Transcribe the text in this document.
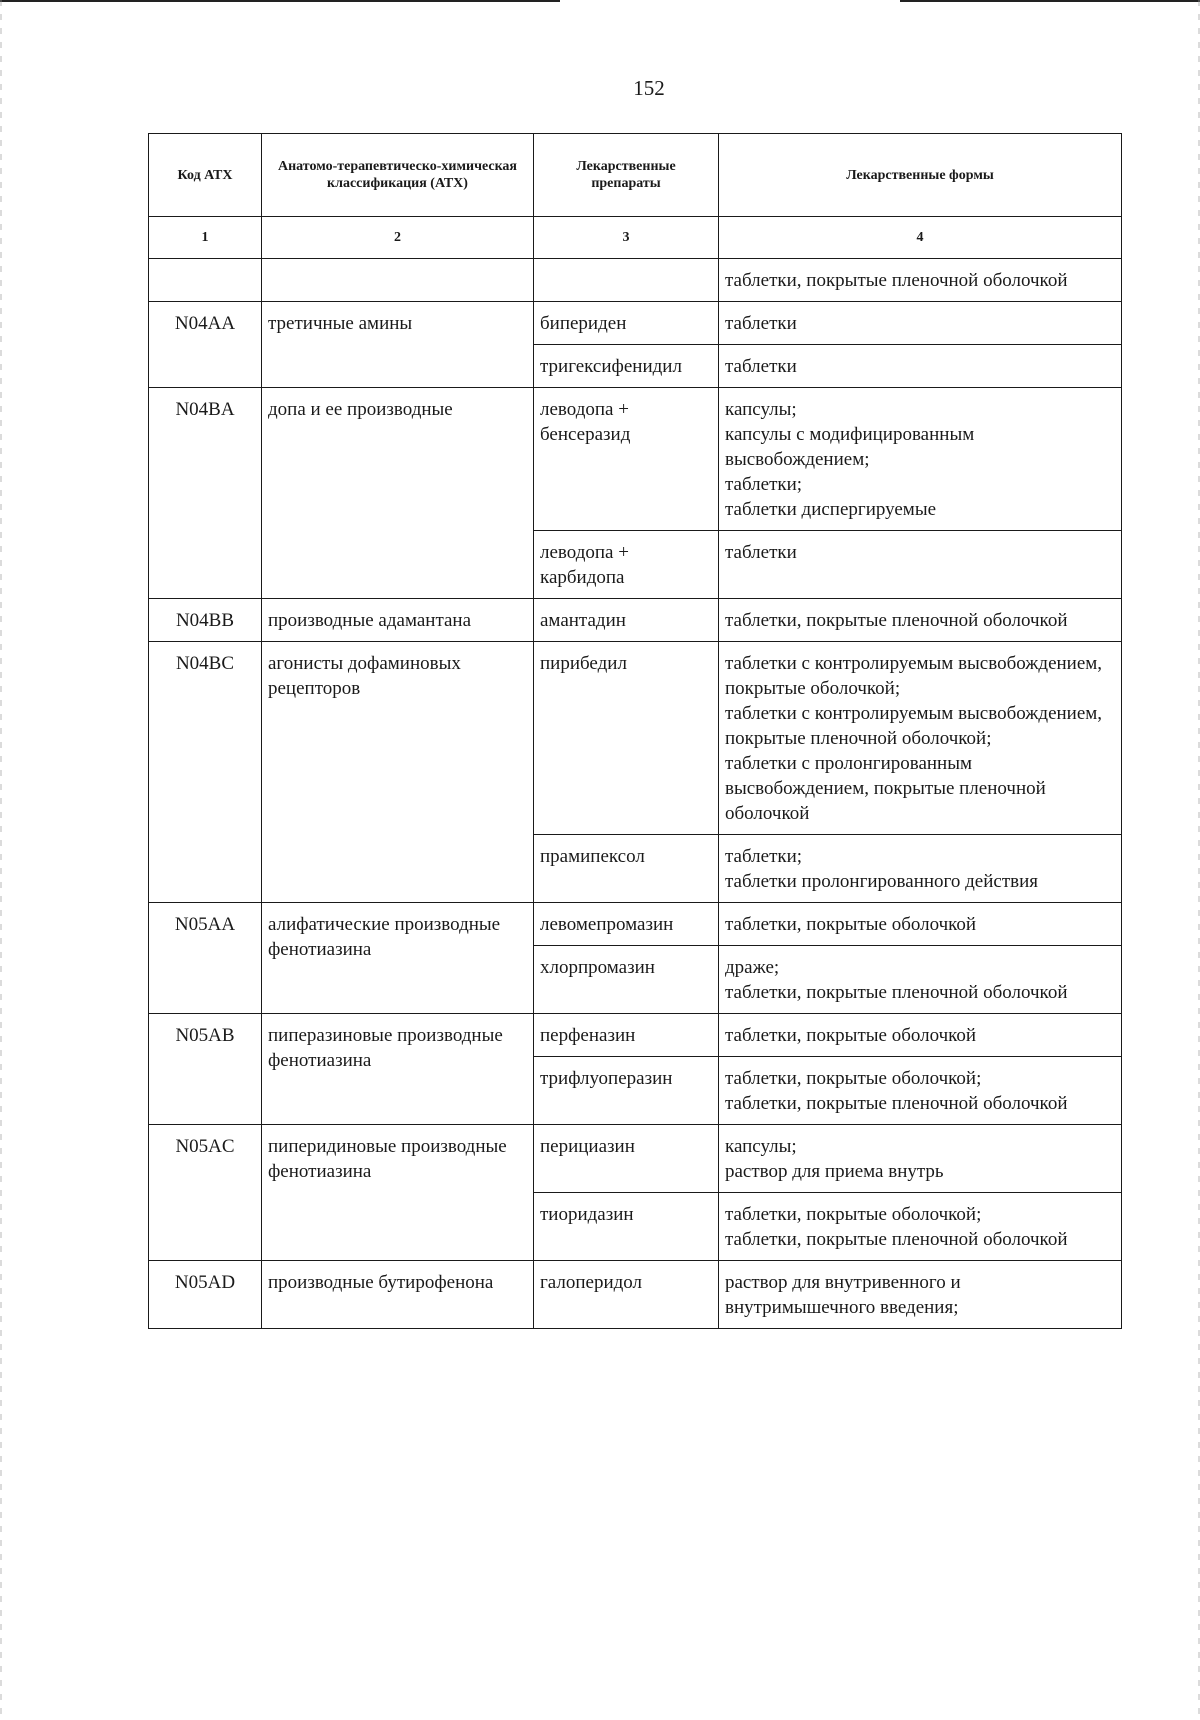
152
Код АТХ	Анатомо-терапевтическо-химическая классификация (АТХ)	Лекарственные препараты	Лекарственные формы
1	2	3	4

			таблетки, покрытые пленочной оболочкой

N04AA	третичные амины	бипериден	таблетки

		тригексифенидил	таблетки

N04BA	допа и ее производные	леводопа + бенсеразид	капсулы;
капсулы с модифицированным высвобождением;
таблетки;
таблетки диспергируемые

		леводопа + карбидопа	таблетки

N04BB	производные адамантана	амантадин	таблетки, покрытые пленочной оболочкой

N04BC	агонисты дофаминовых рецепторов	пирибедил	таблетки с контролируемым высвобождением, покрытые оболочкой;
таблетки с контролируемым высвобождением, покрытые пленочной оболочкой;
таблетки с пролонгированным высвобождением, покрытые пленочной оболочкой

		прамипексол	таблетки;
таблетки пролонгированного действия

N05AA	алифатические производные фенотиазина	левомепромазин	таблетки, покрытые оболочкой

		хлорпромазин	драже;
таблетки, покрытые пленочной оболочкой

N05AB	пиперазиновые производные фенотиазина	перфеназин	таблетки, покрытые оболочкой

		трифлуоперазин	таблетки, покрытые оболочкой;
таблетки, покрытые пленочной оболочкой

N05AC	пиперидиновые производные фенотиазина	перициазин	капсулы;
раствор для приема внутрь

		тиоридазин	таблетки, покрытые оболочкой;
таблетки, покрытые пленочной оболочкой

N05AD	производные бутирофенона	галоперидол	раствор для внутривенного и внутримышечного введения;
